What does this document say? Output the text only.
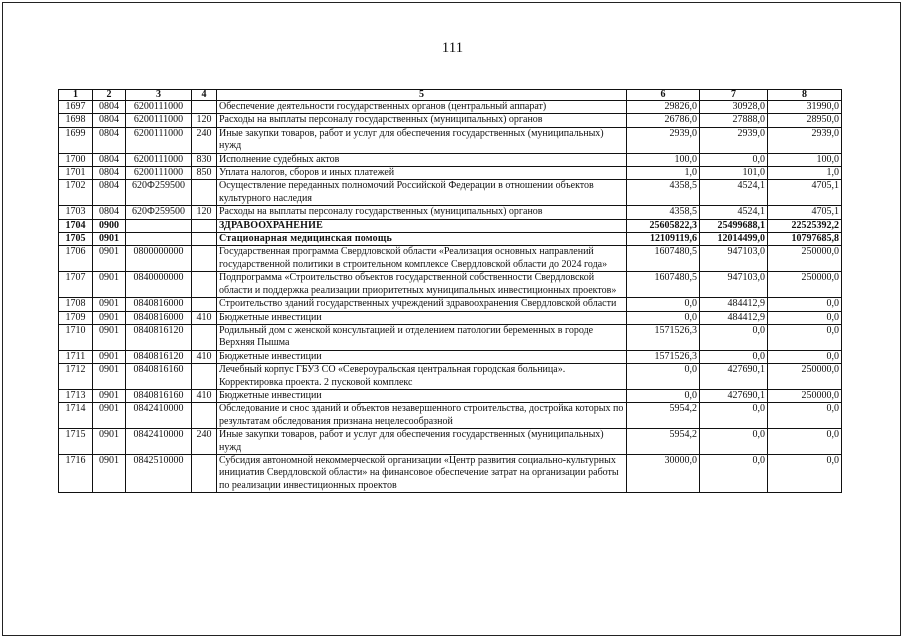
111
1	2	3	4	5	6	7	8
1697	0804	6200111000		Обеспечение деятельности государственных органов (центральный аппарат)	29826,0	30928,0	31990,0
1698	0804	6200111000	120	Расходы на выплаты персоналу государственных (муниципальных) органов	26786,0	27888,0	28950,0
1699	0804	6200111000	240	Иные закупки товаров, работ и услуг для обеспечения государственных (муниципальных) нужд	2939,0	2939,0	2939,0
1700	0804	6200111000	830	Исполнение судебных актов	100,0	0,0	100,0
1701	0804	6200111000	850	Уплата налогов, сборов и иных платежей	1,0	101,0	1,0
1702	0804	620Ф259500		Осуществление переданных полномочий Российской Федерации в отношении объектов культурного наследия	4358,5	4524,1	4705,1
1703	0804	620Ф259500	120	Расходы на выплаты персоналу государственных (муниципальных) органов	4358,5	4524,1	4705,1
1704	0900			ЗДРАВООХРАНЕНИЕ	25605822,3	25499688,1	22525392,2
1705	0901			Стационарная медицинская помощь	12109119,6	12014499,0	10797685,8
1706	0901	0800000000		Государственная программа Свердловской области «Реализация основных направлений государственной политики в строительном комплексе Свердловской области до 2024 года»	1607480,5	947103,0	250000,0
1707	0901	0840000000		Подпрограмма «Строительство объектов государственной собственности Свердловской области и поддержка реализации приоритетных муниципальных инвестиционных проектов»	1607480,5	947103,0	250000,0
1708	0901	0840816000		Строительство зданий государственных учреждений здравоохранения Свердловской области	0,0	484412,9	0,0
1709	0901	0840816000	410	Бюджетные инвестиции	0,0	484412,9	0,0
1710	0901	0840816120		Родильный дом с женской консультацией и отделением патологии беременных в городе Верхняя Пышма	1571526,3	0,0	0,0
1711	0901	0840816120	410	Бюджетные инвестиции	1571526,3	0,0	0,0
1712	0901	0840816160		Лечебный корпус ГБУЗ СО «Североуральская центральная городская больница». Корректировка проекта. 2 пусковой комплекс	0,0	427690,1	250000,0
1713	0901	0840816160	410	Бюджетные инвестиции	0,0	427690,1	250000,0
1714	0901	0842410000		Обследование и снос зданий и объектов незавершенного строительства, достройка которых по результатам обследования признана нецелесообразной	5954,2	0,0	0,0
1715	0901	0842410000	240	Иные закупки товаров, работ и услуг для обеспечения государственных (муниципальных) нужд	5954,2	0,0	0,0
1716	0901	0842510000		Субсидия автономной некоммерческой организации «Центр развития социально-культурных инициатив Свердловской области» на финансовое обеспечение затрат на организации работы по реализации инвестиционных проектов	30000,0	0,0	0,0
